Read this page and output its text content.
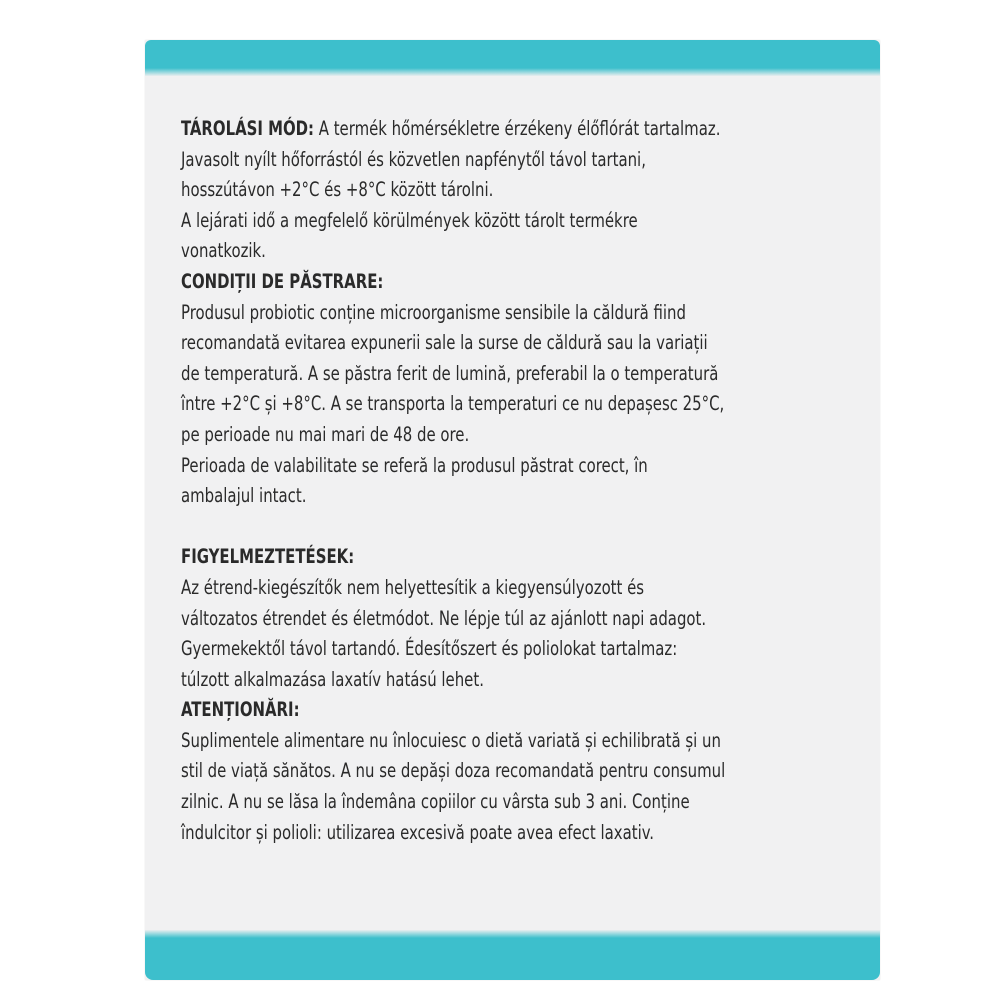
TÁROLÁSI MÓD: A termék hőmérsékletre érzékeny élőflórát tartalmaz.
Javasolt nyílt hőforrástól és közvetlen napfénytől távol tartani,
hosszútávon +2°C és +8°C között tárolni.
A lejárati idő a megfelelő körülmények között tárolt termékre
vonatkozik.
CONDIȚII DE PĂSTRARE:
Produsul probiotic conține microorganisme sensibile la căldură fiind
recomandată evitarea expunerii sale la surse de căldură sau la variații
de temperatură. A se păstra ferit de lumină, preferabil la o temperatură
între +2°C și +8°C. A se transporta la temperaturi ce nu depașesc 25°C,
pe perioade nu mai mari de 48 de ore.
Perioada de valabilitate se referă la produsul păstrat corect, în
ambalajul intact.
FIGYELMEZTETÉSEK:
Az étrend-kiegészítők nem helyettesítik a kiegyensúlyozott és
változatos étrendet és életmódot. Ne lépje túl az ajánlott napi adagot.
Gyermekektől távol tartandó. Édesítőszert és poliolokat tartalmaz:
túlzott alkalmazása laxatív hatású lehet.
ATENȚIONĂRI:
Suplimentele alimentare nu înlocuiesc o dietă variată și echilibrată și un
stil de viață sănătos. A nu se depăși doza recomandată pentru consumul
zilnic. A nu se lăsa la îndemâna copiilor cu vârsta sub 3 ani. Conține
îndulcitor și polioli: utilizarea excesivă poate avea efect laxativ.
